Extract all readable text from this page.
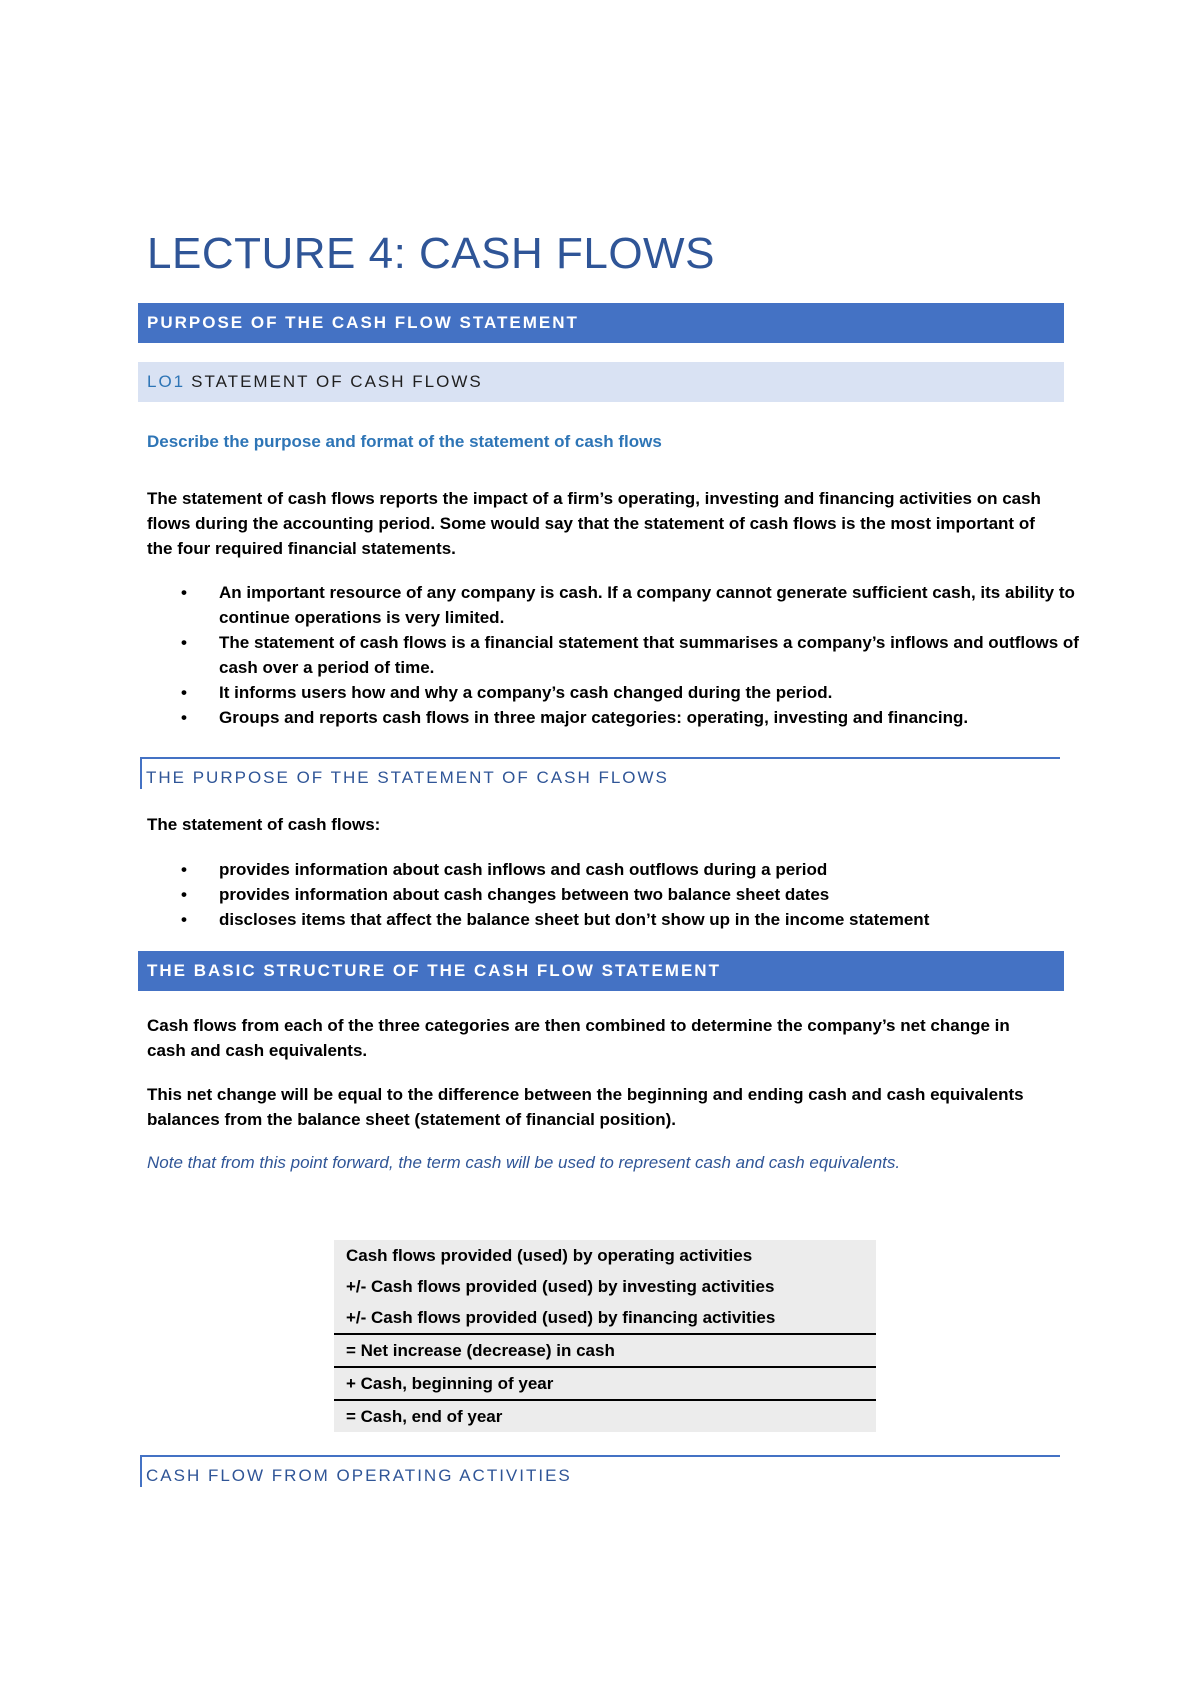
LECTURE 4: CASH FLOWS
PURPOSE OF THE CASH FLOW STATEMENT
LO1 STATEMENT OF CASH FLOWS
Describe the purpose and format of the statement of cash flows
The statement of cash flows reports the impact of a firm’s operating, investing and financing activities on cash flows during the accounting period. Some would say that the statement of cash flows is the most important of the four required financial statements.
• An important resource of any company is cash. If a company cannot generate sufficient cash, its ability to continue operations is very limited.
• The statement of cash flows is a financial statement that summarises a company’s inflows and outflows of cash over a period of time.
• It informs users how and why a company’s cash changed during the period.
• Groups and reports cash flows in three major categories: operating, investing and financing.
THE PURPOSE OF THE STATEMENT OF CASH FLOWS
The statement of cash flows:
• provides information about cash inflows and cash outflows during a period
• provides information about cash changes between two balance sheet dates
• discloses items that affect the balance sheet but don’t show up in the income statement
THE BASIC STRUCTURE OF THE CASH FLOW STATEMENT
Cash flows from each of the three categories are then combined to determine the company’s net change in cash and cash equivalents.
This net change will be equal to the difference between the beginning and ending cash and cash equivalents balances from the balance sheet (statement of financial position).
Note that from this point forward, the term cash will be used to represent cash and cash equivalents.
Cash flows provided (used) by operating activities
+/- Cash flows provided (used) by investing activities
+/- Cash flows provided (used) by financing activities
= Net increase (decrease) in cash
+ Cash, beginning of year
= Cash, end of year
CASH FLOW FROM OPERATING ACTIVITIES
